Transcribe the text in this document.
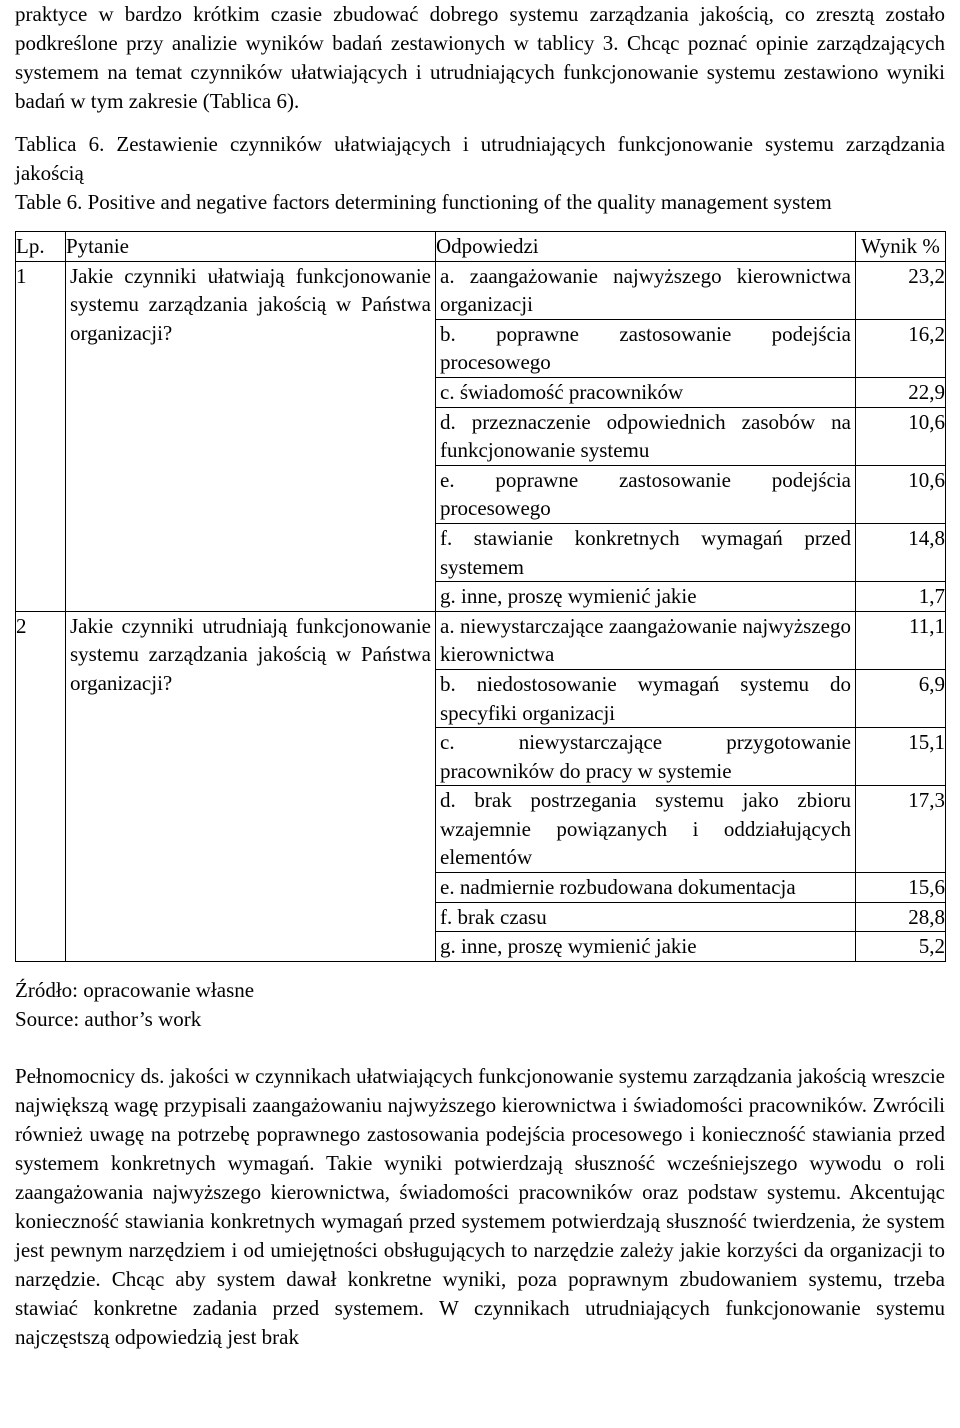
praktyce w bardzo krótkim czasie zbudować dobrego systemu zarządzania jakością, co zresztą zostało podkreślone przy analizie wyników badań zestawionych w tablicy 3. Chcąc poznać opinie zarządzających systemem na temat czynników ułatwiających i utrudniających funkcjonowanie systemu zestawiono wyniki badań w tym zakresie (Tablica 6).

Tablica 6. Zestawienie czynników ułatwiających i utrudniających funkcjonowanie systemu zarządzania jakością

Table 6. Positive and negative factors determining functioning of the quality management system

Lp.	Pytanie	Odpowiedzi	Wynik %
1	Jakie czynniki ułatwiają funkcjonowanie systemu zarządzania jakością w Państwa organizacji?	a. zaangażowanie najwyższego kierownictwa organizacji	23,2

		b. poprawne zastosowanie podejścia procesowego	16,2

		c. świadomość pracowników	22,9

		d. przeznaczenie odpowiednich zasobów na funkcjonowanie systemu	10,6

		e. poprawne zastosowanie podejścia procesowego	10,6

		f. stawianie konkretnych wymagań przed systemem	14,8

		g. inne, proszę wymienić jakie	1,7
2	Jakie czynniki utrudniają funkcjonowanie systemu zarządzania jakością w Państwa organizacji?	a. niewystarczające zaangażowanie najwyższego kierownictwa	11,1

		b. niedostosowanie wymagań systemu do specyfiki organizacji	6,9

		c. niewystarczające przygotowanie pracowników do pracy w systemie	15,1

		d. brak postrzegania systemu jako zbioru wzajemnie powiązanych i oddziałujących elementów	17,3

		e. nadmiernie rozbudowana dokumentacja	15,6

		f. brak czasu	28,8

		g. inne, proszę wymienić jakie	5,2
Źródło: opracowanie własne
Source: author’s work

Pełnomocnicy ds. jakości w czynnikach ułatwiających funkcjonowanie systemu zarządzania jakością wreszcie największą wagę przypisali zaangażowaniu najwyższego kierownictwa i świadomości pracowników. Zwrócili również uwagę na potrzebę poprawnego zastosowania podejścia procesowego i konieczność stawiania przed systemem konkretnych wymagań. Takie wyniki potwierdzają słuszność wcześniejszego wywodu o roli zaangażowania najwyższego kierownictwa, świadomości pracowników oraz podstaw systemu. Akcentując konieczność stawiania konkretnych wymagań przed systemem potwierdzają słuszność twierdzenia, że system jest pewnym narzędziem i od umiejętności obsługujących to narzędzie zależy jakie korzyści da organizacji to narzędzie. Chcąc aby system dawał konkretne wyniki, poza poprawnym zbudowaniem systemu, trzeba stawiać konkretne zadania przed systemem. W czynnikach utrudniających funkcjonowanie systemu najczęstszą odpowiedzią jest brak
